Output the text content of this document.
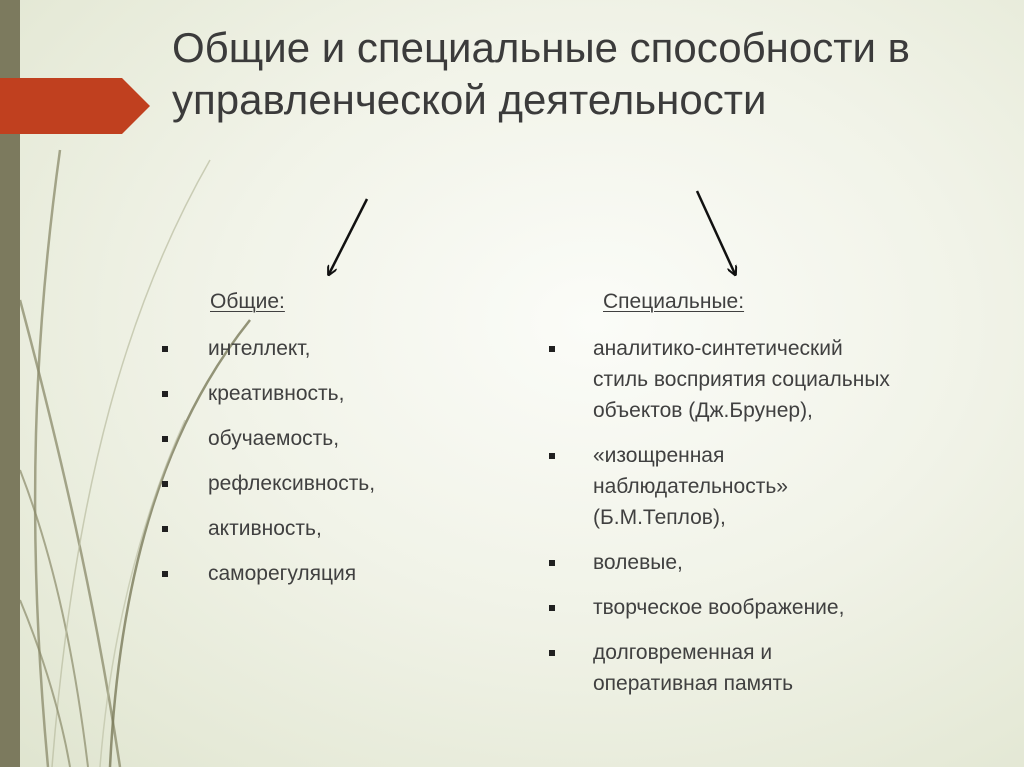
Общие и специальные способности в управленческой деятельности
Общие:	Специальные:
интеллект,
креативность,
обучаемость,
рефлексивность,
активность,
саморегуляция
аналитико-синтетический
стиль восприятия социальных
объектов (Дж.Брунер),
«изощренная
наблюдательность»
(Б.М.Теплов),
волевые,
творческое воображение,
долговременная и
оперативная память
